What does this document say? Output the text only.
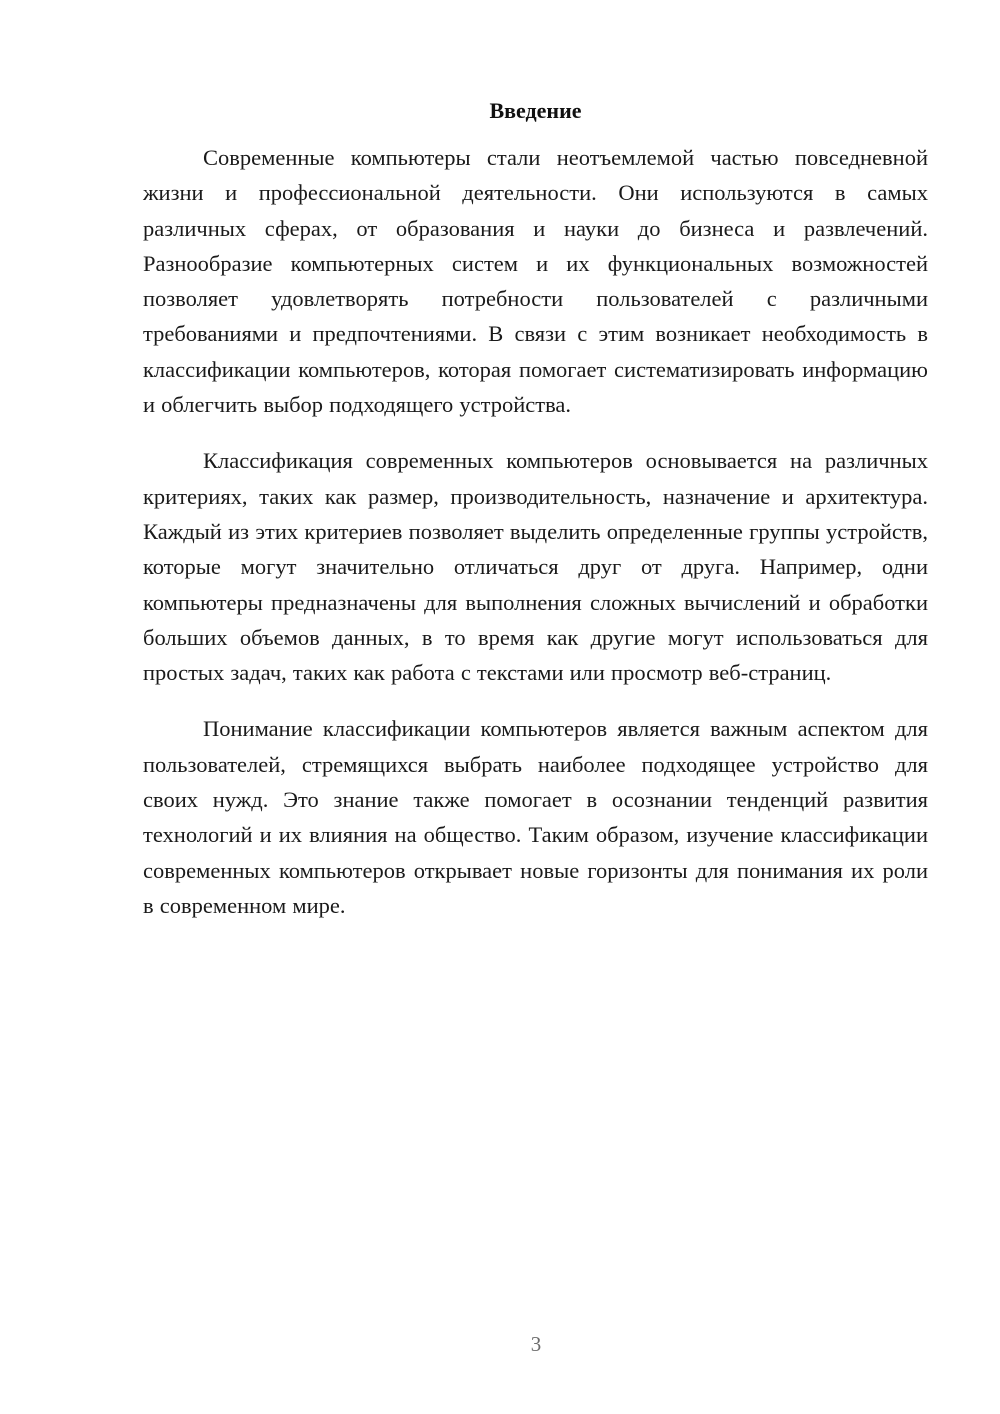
Введение

Современные компьютеры стали неотъемлемой частью повседневной жизни и профессиональной деятельности. Они используются в самых различных сферах, от образования и науки до бизнеса и развлечений. Разнообразие компьютерных систем и их функциональных возможностей позволяет удовлетворять потребности пользователей с различными требованиями и предпочтениями. В связи с этим возникает необходимость в классификации компьютеров, которая помогает систематизировать информацию и облегчить выбор подходящего устройства.

Классификация современных компьютеров основывается на различных критериях, таких как размер, производительность, назначение и архитектура. Каждый из этих критериев позволяет выделить определенные группы устройств, которые могут значительно отличаться друг от друга. Например, одни компьютеры предназначены для выполнения сложных вычислений и обработки больших объемов данных, в то время как другие могут использоваться для простых задач, таких как работа с текстами или просмотр веб-страниц.

Понимание классификации компьютеров является важным аспектом для пользователей, стремящихся выбрать наиболее подходящее устройство для своих нужд. Это знание также помогает в осознании тенденций развития технологий и их влияния на общество. Таким образом, изучение классификации современных компьютеров открывает новые горизонты для понимания их роли в современном мире.

3
